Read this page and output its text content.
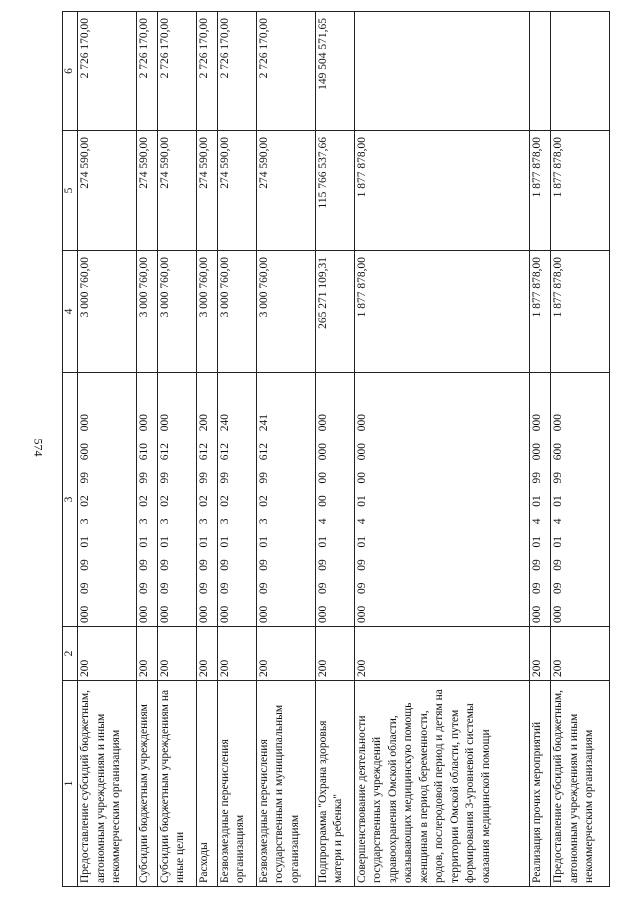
574
1	2	3	4	5	6
Предоставление субсидий бюджетным, автономным учреждениям и иным некоммерческим организациям	200	000  09  09  01  3  02  99  600  000	3 000 760,00	274 590,00	2 726 170,00
Субсидии бюджетным учреждениям	200	000  09  09  01  3  02  99  610  000	3 000 760,00	274 590,00	2 726 170,00
Субсидии бюджетным учреждениям на иные цели	200	000  09  09  01  3  02  99  612  000	3 000 760,00	274 590,00	2 726 170,00
Расходы	200	000  09  09  01  3  02  99  612  200	3 000 760,00	274 590,00	2 726 170,00
Безвозмездные перечисления организациям	200	000  09  09  01  3  02  99  612  240	3 000 760,00	274 590,00	2 726 170,00
Безвозмездные перечисления государственным и муниципальным организациям	200	000  09  09  01  3  02  99  612  241	3 000 760,00	274 590,00	2 726 170,00
Подпрограмма "Охрана здоровья матери и ребенка"	200	000  09  09  01  4  00  00  000  000	265 271 109,31	115 766 537,66	149 504 571,65
Совершенствование деятельности государственных учреждений здравоохранения Омской области, оказывающих медицинскую помощь женщинам в период беременности, родов, послеродовой период и детям на территории Омской области, путем формирования 3-уровневой системы оказания медицинской помощи	200	000  09  09  01  4  01  00  000  000	1 877 878,00	1 877 878,00	
Реализация прочих мероприятий	200	000  09  09  01  4  01  99  000  000	1 877 878,00	1 877 878,00	
Предоставление субсидий бюджетным, автономным учреждениям и иным некоммерческим организациям	200	000  09  09  01  4  01  99  600  000	1 877 878,00	1 877 878,00	
